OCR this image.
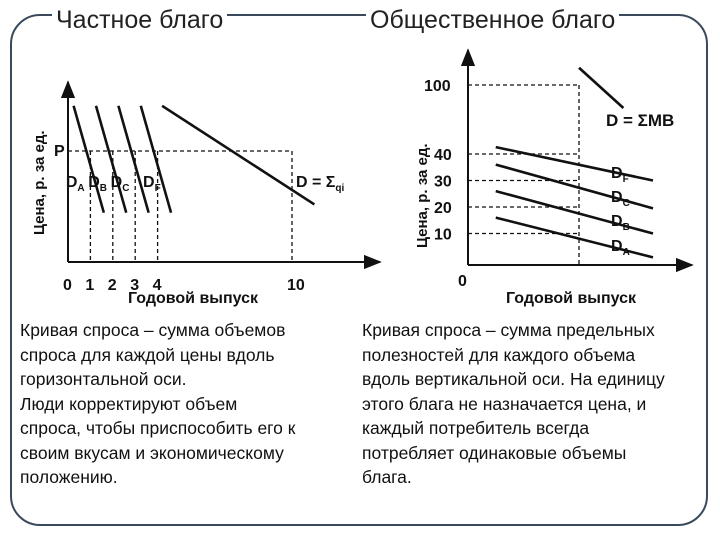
Частное благо	Общественное благо
Цена, р. за ед.
Годовой выпуск
P
0 1 2 3 4	10
$D_A$ $D_B$ $D_C$ $D_F$	$D = \Sigma_{qi}$	Цена, р. за ед.
Годовой выпуск
0
10
20
30
40
100
$D_F$
$D_C$
$D_B$
$D_A$
D = ΣMB
Кривая спроса – сумма объемов
спроса для каждой цены вдоль
горизонтальной оси.
Люди корректируют объем
спроса, чтобы приспособить его к
своим вкусам и экономическому
положению.
Кривая спроса – сумма предельных
полезностей для каждого объема
вдоль вертикальной оси. На единицу
этого блага не назначается цена, и
каждый потребитель всегда
потребляет одинаковые объемы
блага.
